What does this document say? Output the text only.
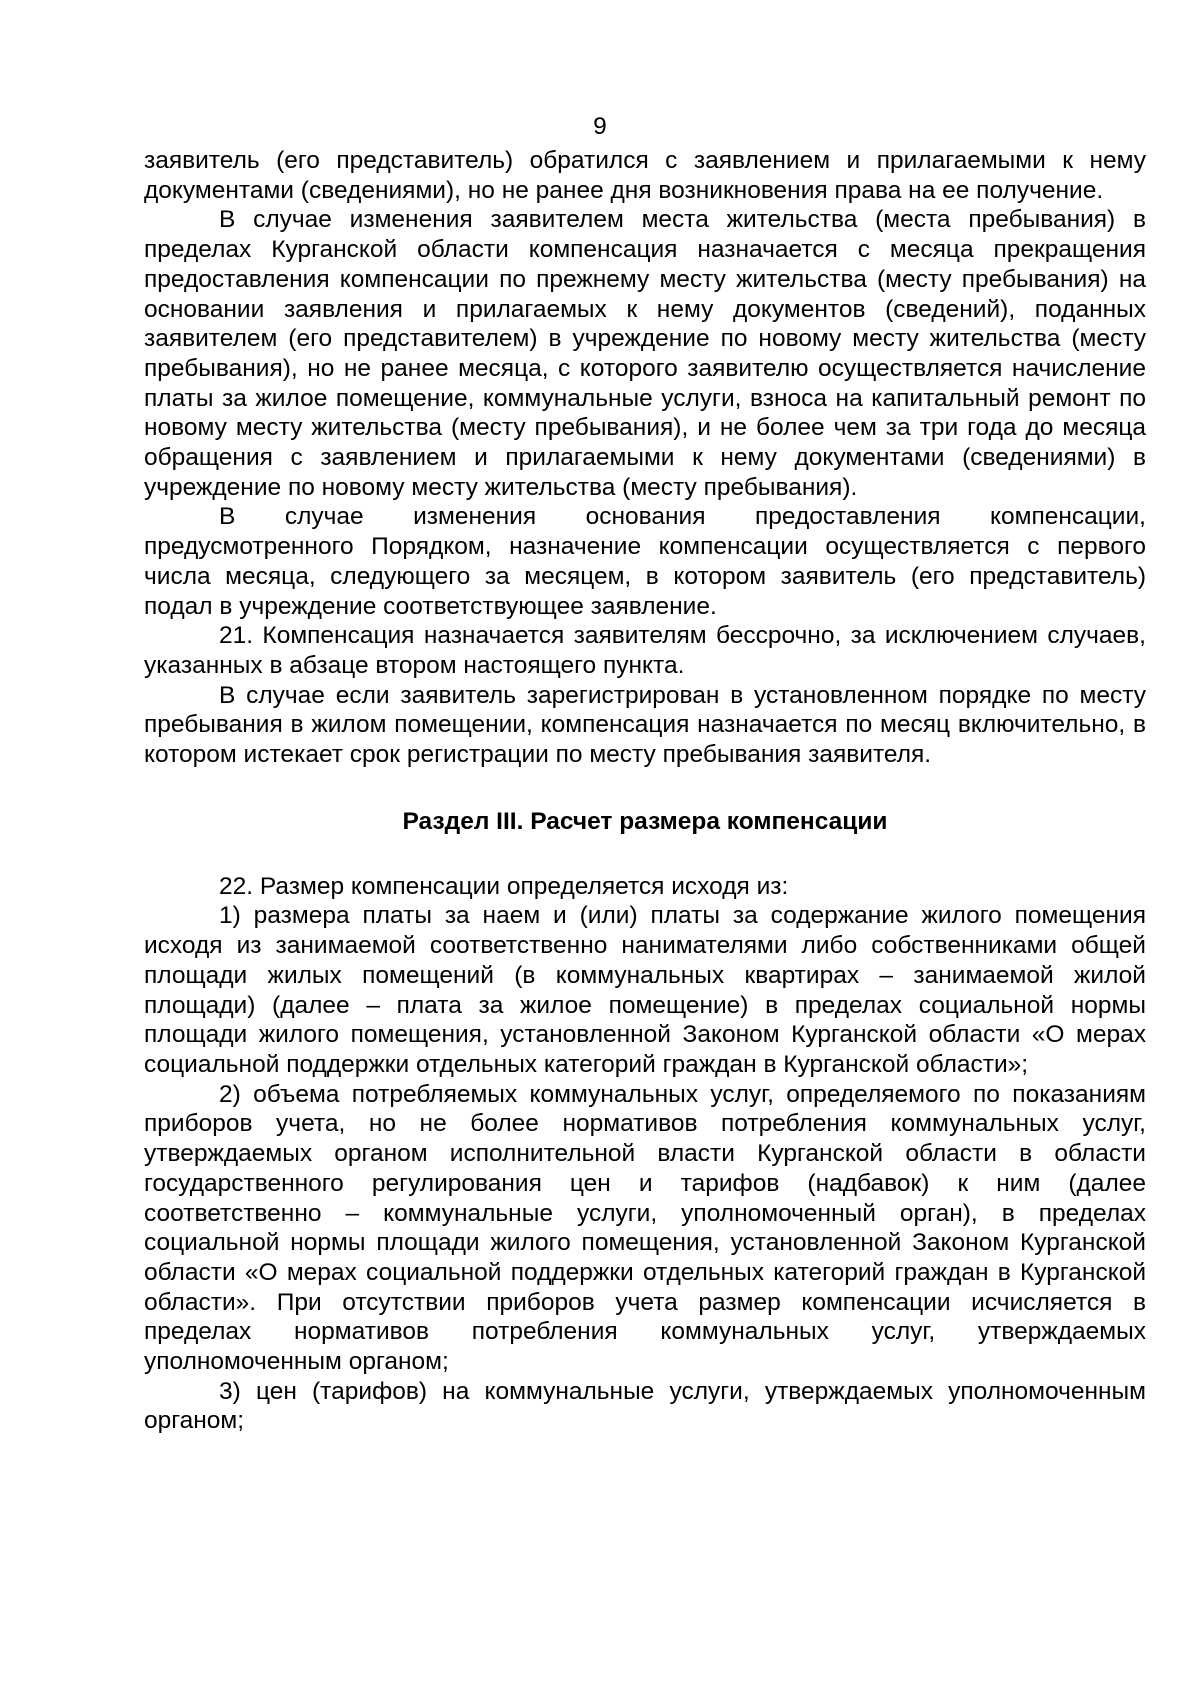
9

заявитель (его представитель) обратился с заявлением и прилагаемыми к нему документами (сведениями), но не ранее дня возникновения права на ее получение.

В случае изменения заявителем места жительства (места пребывания) в пределах Курганской области компенсация назначается с месяца прекращения предоставления компенсации по прежнему месту жительства (месту пребывания) на основании заявления и прилагаемых к нему документов (сведений), поданных заявителем (его представителем) в учреждение по новому месту жительства (месту пребывания), но не ранее месяца, с которого заявителю осуществляется начисление платы за жилое помещение, коммунальные услуги, взноса на капитальный ремонт по новому месту жительства (месту пребывания), и не более чем за три года до месяца обращения с заявлением и прилагаемыми к нему документами (сведениями) в учреждение по новому месту жительства (месту пребывания).

В случае изменения основания предоставления компенсации, предусмотренного Порядком, назначение компенсации осуществляется с первого числа месяца, следующего за месяцем, в котором заявитель (его представитель) подал в учреждение соответствующее заявление.

21. Компенсация назначается заявителям бессрочно, за исключением случаев, указанных в абзаце втором настоящего пункта.

В случае если заявитель зарегистрирован в установленном порядке по месту пребывания в жилом помещении, компенсация назначается по месяц включительно, в котором истекает срок регистрации по месту пребывания заявителя.

Раздел III. Расчет размера компенсации

22. Размер компенсации определяется исходя из:

1) размера платы за наем и (или) платы за содержание жилого помещения исходя из занимаемой соответственно нанимателями либо собственниками общей площади жилых помещений (в коммунальных квартирах – занимаемой жилой площади) (далее – плата за жилое помещение) в пределах социальной нормы площади жилого помещения, установленной Законом Курганской области «О мерах социальной поддержки отдельных категорий граждан в Курганской области»;

2) объема потребляемых коммунальных услуг, определяемого по показаниям приборов учета, но не более нормативов потребления коммунальных услуг, утверждаемых органом исполнительной власти Курганской области в области государственного регулирования цен и тарифов (надбавок) к ним (далее соответственно – коммунальные услуги, уполномоченный орган), в пределах социальной нормы площади жилого помещения, установленной Законом Курганской области «О мерах социальной поддержки отдельных категорий граждан в Курганской области». При отсутствии приборов учета размер компенсации исчисляется в пределах нормативов потребления коммунальных услуг, утверждаемых уполномоченным органом;

3) цен (тарифов) на коммунальные услуги, утверждаемых уполномоченным органом;
